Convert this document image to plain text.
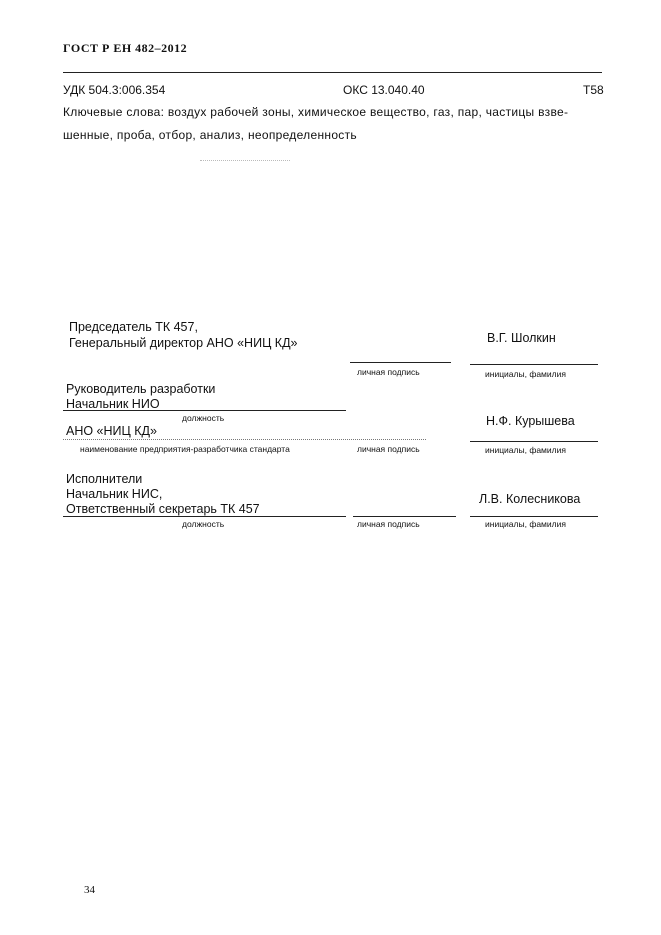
ГОСТ Р ЕН 482–2012
УДК 504.3:006.354	ОКС 13.040.40	Т58
Ключевые слова: воздух рабочей зоны, химическое вещество, газ, пар, частицы взве-
шенные, проба, отбор, анализ, неопределенность
Председатель ТК 457,
Генеральный директор АНО «НИЦ КД»	В.Г. Шолкин
личная подпись	инициалы, фамилия
Руководитель разработки
Начальник НИО
должность
АНО «НИЦ КД»
Н.Ф. Курышева
наименование предприятия-разработчика стандарта	личная подпись	инициалы, фамилия
Исполнители
Начальник НИС,
Ответственный секретарь ТК 457
Л.В. Колесникова
должность	личная подпись	инициалы, фамилия
34
